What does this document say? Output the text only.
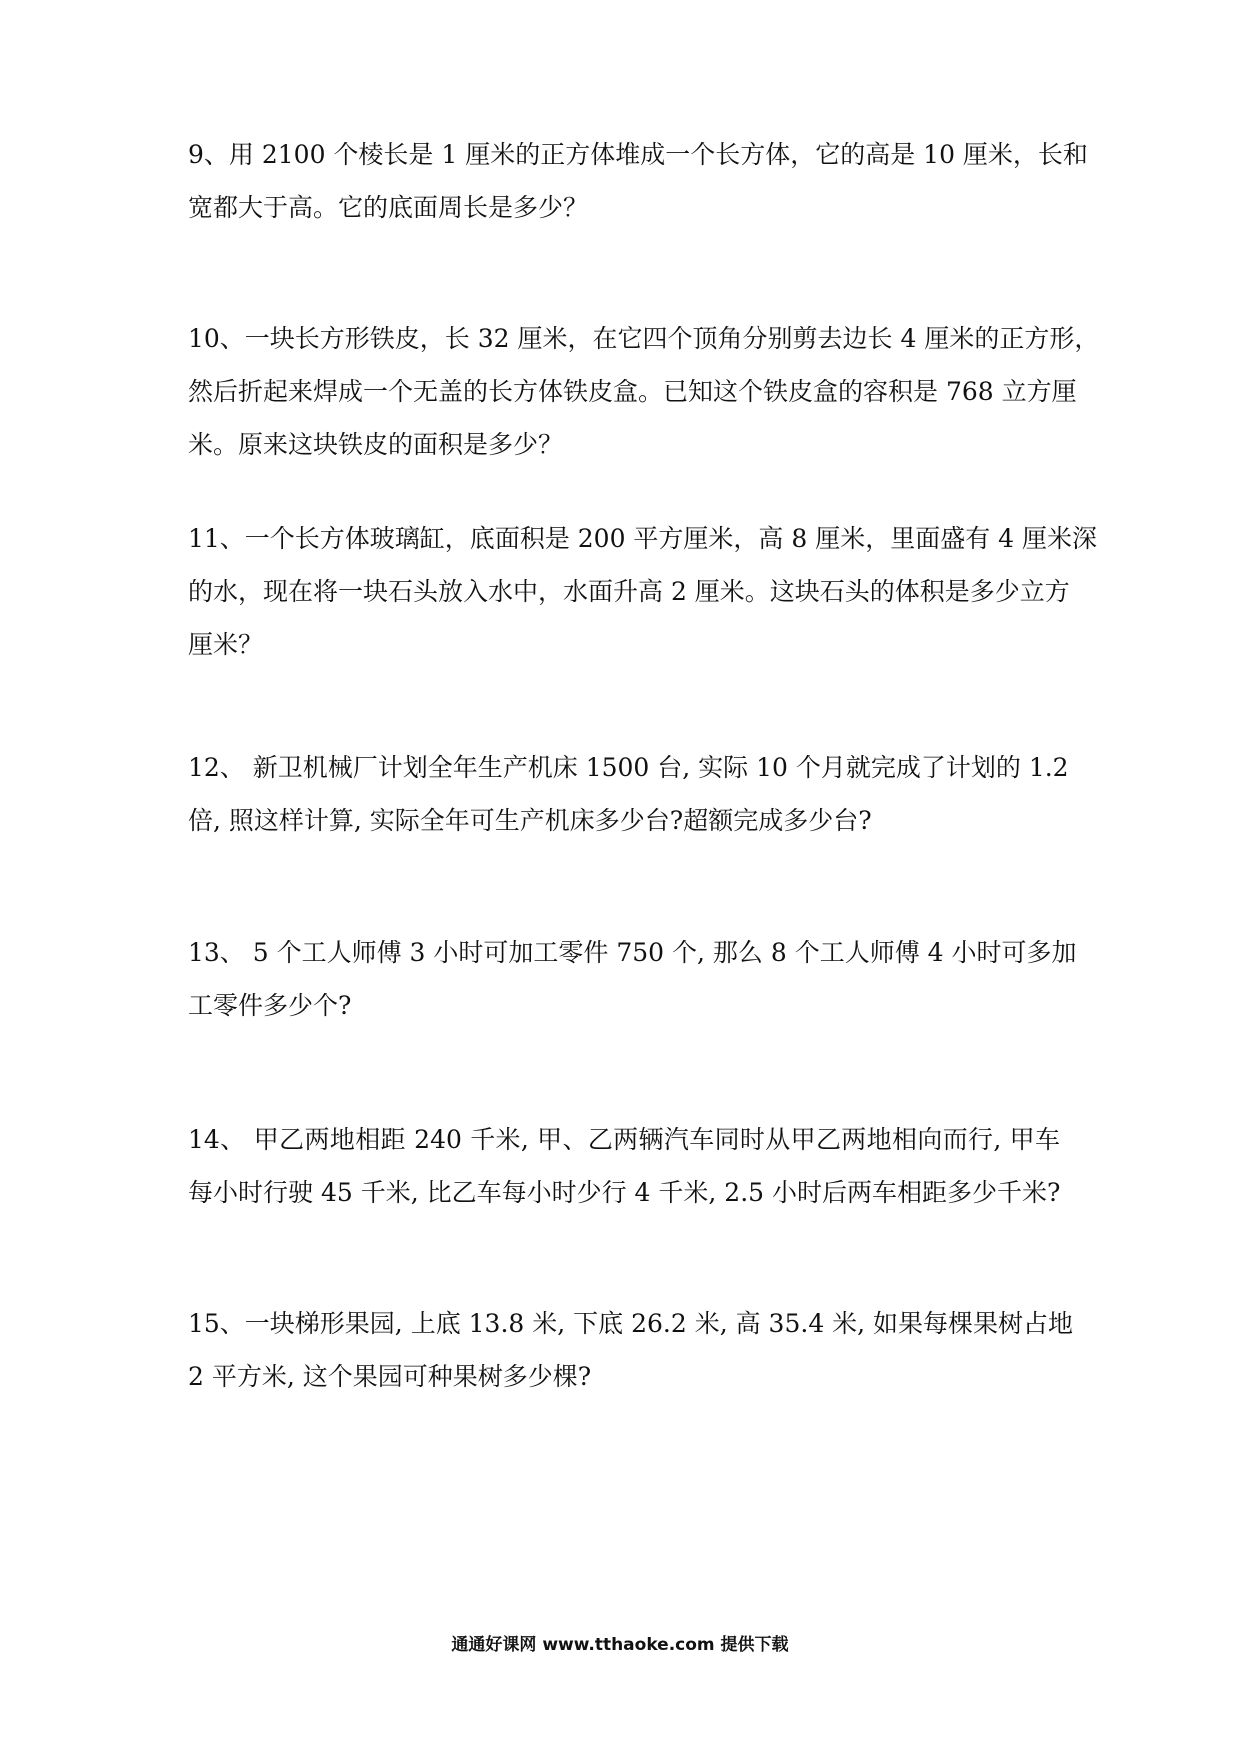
9、用 2100 个棱长是 1 厘米的正方体堆成一个长方体，它的高是 10 厘米，长和
宽都大于高。它的底面周长是多少？
10、一块长方形铁皮，长 32 厘米，在它四个顶角分别剪去边长 4 厘米的正方形，
然后折起来焊成一个无盖的长方体铁皮盒。已知这个铁皮盒的容积是 768 立方厘
米。原来这块铁皮的面积是多少？
11、一个长方体玻璃缸，底面积是 200 平方厘米，高 8 厘米，里面盛有 4 厘米深
的水，现在将一块石头放入水中，水面升高 2 厘米。这块石头的体积是多少立方
厘米？
12、 新卫机械厂计划全年生产机床 1500 台, 实际 10 个月就完成了计划的 1.2
倍, 照这样计算, 实际全年可生产机床多少台?超额完成多少台?
13、 5 个工人师傅 3 小时可加工零件 750 个, 那么 8 个工人师傅 4 小时可多加
工零件多少个?
14、 甲乙两地相距 240 千米, 甲、乙两辆汽车同时从甲乙两地相向而行, 甲车
每小时行驶 45 千米, 比乙车每小时少行 4 千米, 2.5 小时后两车相距多少千米?
15、一块梯形果园, 上底 13.8 米, 下底 26.2 米, 高 35.4 米, 如果每棵果树占地
2 平方米, 这个果园可种果树多少棵?
通通好课网 www.tthaoke.com 提供下载
